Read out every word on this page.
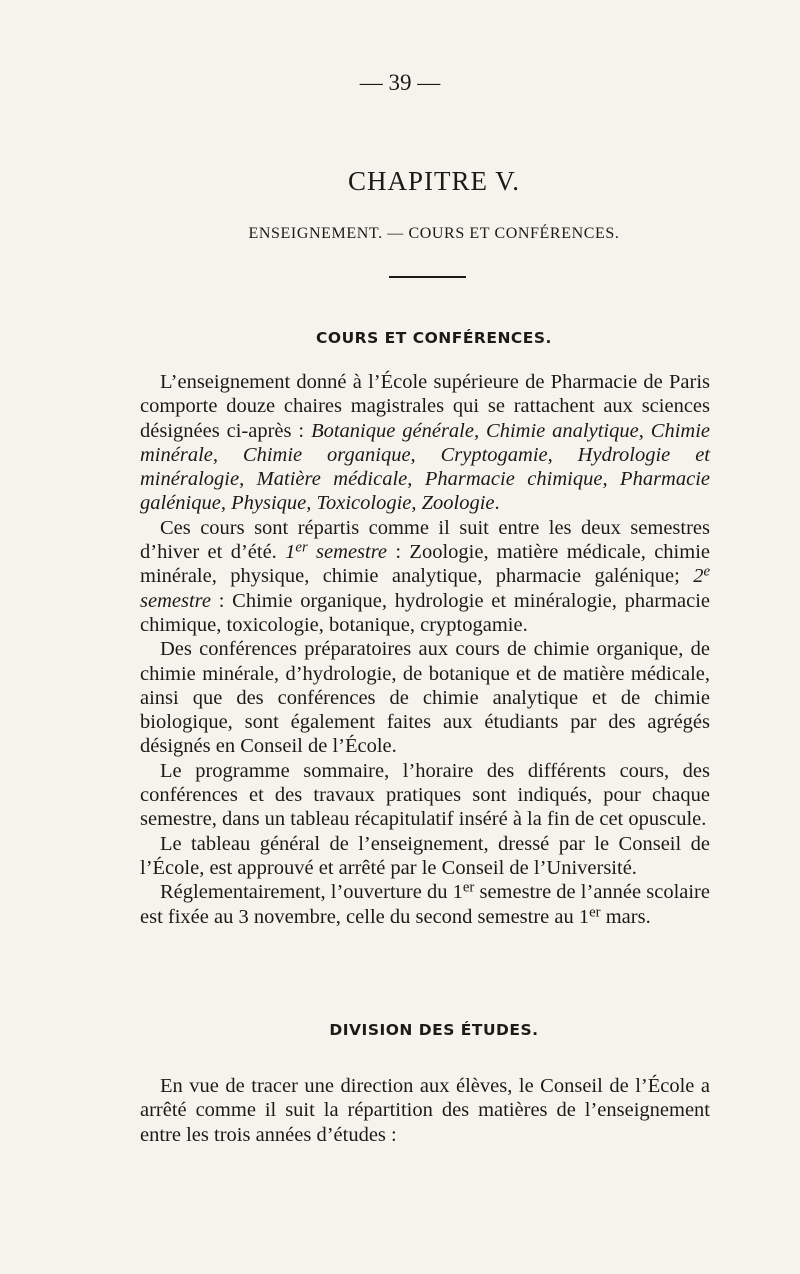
— 39 —
CHAPITRE V.
ENSEIGNEMENT. — COURS ET CONFÉRENCES.
COURS ET CONFÉRENCES.

L’enseignement donné à l’École supérieure de Pharmacie de Paris comporte douze chaires magistrales qui se rattachent aux sciences désignées ci-après : Botanique générale, Chimie analytique, Chimie minérale, Chimie organique, Cryptogamie, Hydrologie et minéralogie, Matière médicale, Pharmacie chimique, Pharmacie galénique, Physique, Toxicologie, Zoologie.

Ces cours sont répartis comme il suit entre les deux semestres d’hiver et d’été. 1er semestre : Zoologie, matière médicale, chimie minérale, physique, chimie analytique, pharmacie galénique; 2e semestre : Chimie organique, hydrologie et minéralogie, pharmacie chimique, toxicologie, botanique, cryptogamie.

Des conférences préparatoires aux cours de chimie organique, de chimie minérale, d’hydrologie, de botanique et de matière médicale, ainsi que des conférences de chimie analytique et de chimie biologique, sont également faites aux étudiants par des agrégés désignés en Conseil de l’École.

Le programme sommaire, l’horaire des différents cours, des conférences et des travaux pratiques sont indiqués, pour chaque semestre, dans un tableau récapitulatif inséré à la fin de cet opuscule.

Le tableau général de l’enseignement, dressé par le Conseil de l’École, est approuvé et arrêté par le Conseil de l’Université.

Réglementairement, l’ouverture du 1er semestre de l’année scolaire est fixée au 3 novembre, celle du second semestre au 1er mars.

DIVISION DES ÉTUDES.

En vue de tracer une direction aux élèves, le Conseil de l’École a arrêté comme il suit la répartition des matières de l’enseignement entre les trois années d’études :
